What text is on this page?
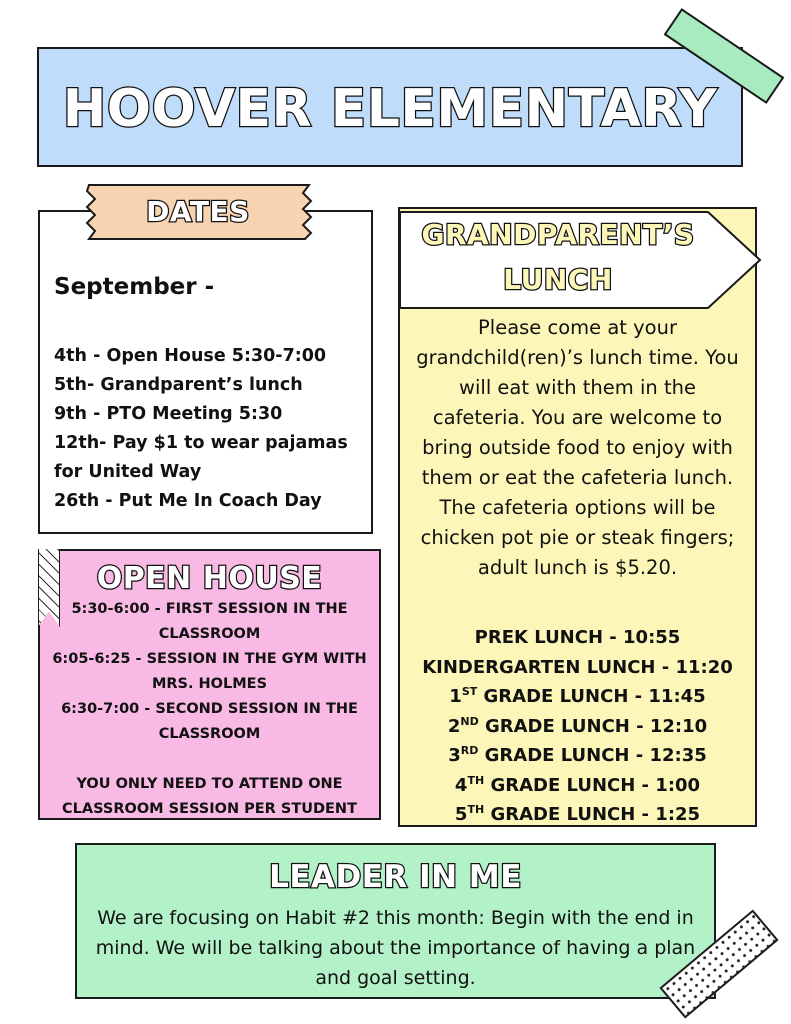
HOOVER ELEMENTARY
September -
4th - Open House 5:30-7:00
5th- Grandparent’s lunch
9th - PTO Meeting 5:30
12th- Pay $1 to wear pajamas for United Way
26th - Put Me In Coach Day
DATES
OPEN HOUSE
5:30-6:00 - FIRST SESSION IN THE CLASSROOM
6:05-6:25 - SESSION IN THE GYM WITH MRS. HOLMES
6:30-7:00 - SECOND SESSION IN THE CLASSROOM
YOU ONLY NEED TO ATTEND ONE CLASSROOM SESSION PER STUDENT
Please come at your grandchild(ren)’s lunch time. You will eat with them in the cafeteria. You are welcome to bring outside food to enjoy with them or eat the cafeteria lunch. The cafeteria options will be chicken pot pie or steak fingers; adult lunch is $5.20.
PREK LUNCH - 10:55
KINDERGARTEN LUNCH - 11:20
1ST GRADE LUNCH - 11:45
2ND GRADE LUNCH - 12:10
3RD GRADE LUNCH - 12:35
4TH GRADE LUNCH - 1:00
5TH GRADE LUNCH - 1:25
GRANDPARENT’S
LUNCH
LEADER IN ME
We are focusing on Habit #2 this month: Begin with the end in mind. We will be talking about the importance of having a plan and goal setting.
